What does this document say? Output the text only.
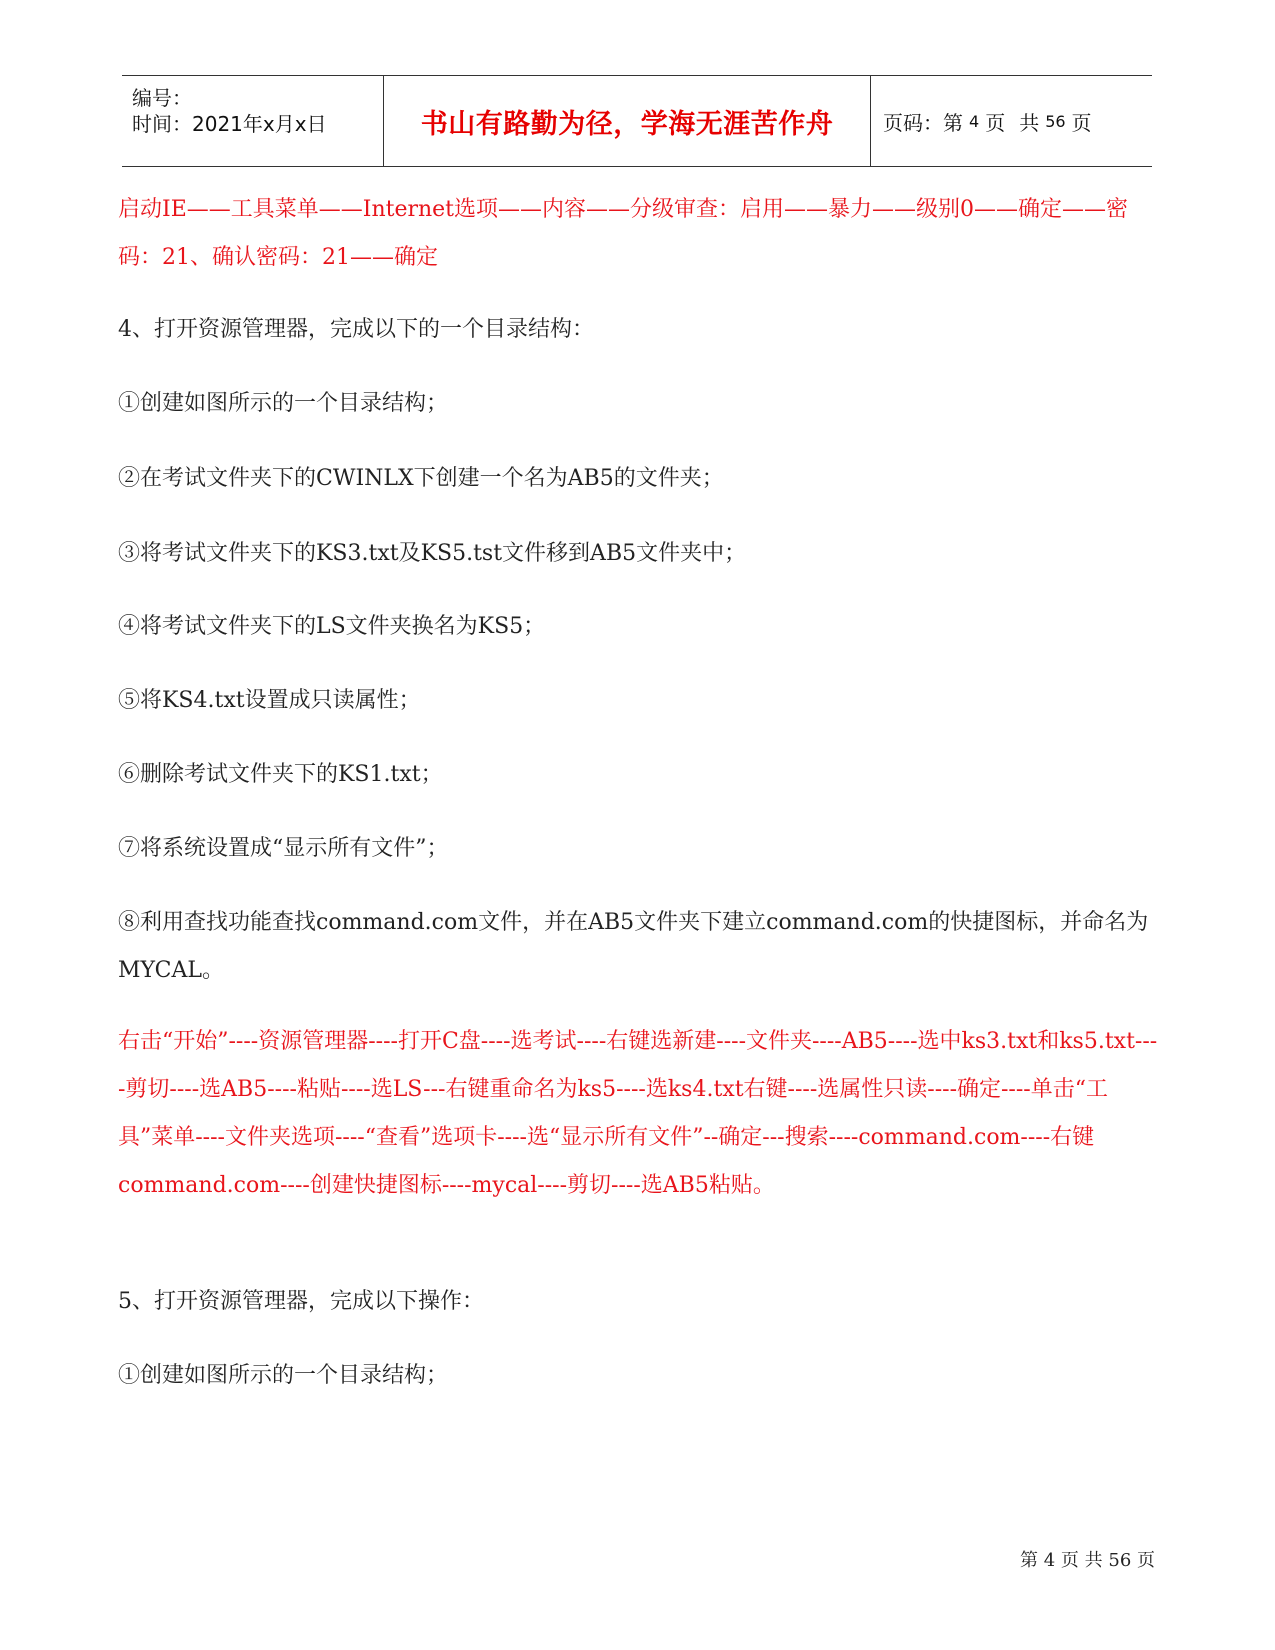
编号：
时间：2021年x月x日	书山有路勤为径，学海无涯苦作舟 页码：第 4 页 共 56 页

启动IE——工具菜单——Internet选项——内容——分级审查：启用——暴力——级别0——确定——密码：21、确认密码：21——确定

4、打开资源管理器，完成以下的一个目录结构：

①创建如图所示的一个目录结构；

②在考试文件夹下的CWINLX下创建一个名为AB5的文件夹；

③将考试文件夹下的KS3.txt及KS5.tst文件移到AB5文件夹中；

④将考试文件夹下的LS文件夹换名为KS5；

⑤将KS4.txt设置成只读属性；

⑥删除考试文件夹下的KS1.txt；

⑦将系统设置成“显示所有文件”；

⑧利用查找功能查找command.com文件，并在AB5文件夹下建立command.com的快捷图标，并命名为MYCAL。

右击“开始”----资源管理器----打开C盘----选考试----右键选新建----文件夹----AB5----选中ks3.txt和ks5.txt----剪切----选AB5----粘贴----选LS---右键重命名为ks5----选ks4.txt右键----选属性只读----确定----单击“工具”菜单----文件夹选项----“查看”选项卡----选“显示所有文件”--确定---搜索----command.com----右键command.com----创建快捷图标----mycal----剪切----选AB5粘贴。

5、打开资源管理器，完成以下操作：

①创建如图所示的一个目录结构；

第 4 页 共 56 页
